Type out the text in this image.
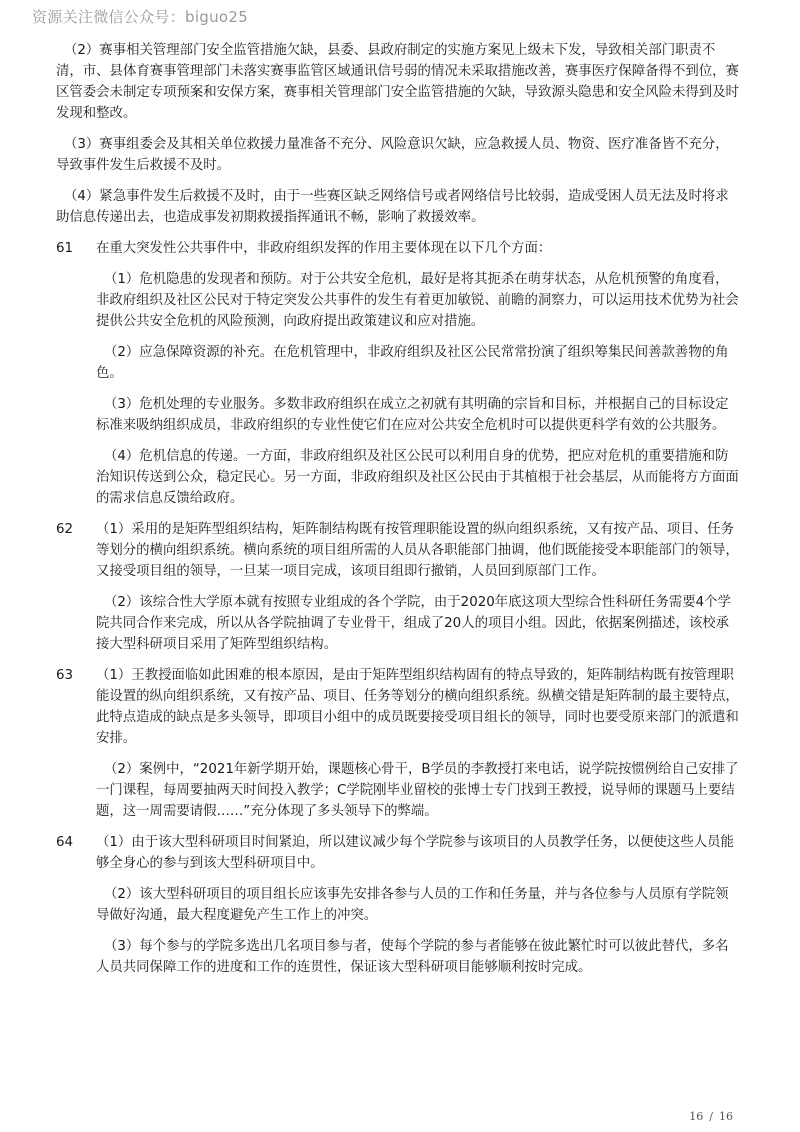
资源关注微信公众号：biguo25

（2）赛事相关管理部门安全监管措施欠缺，县委、县政府制定的实施方案见上级未下发，导致相关部门职责不清，市、县体育赛事管理部门未落实赛事监管区域通讯信号弱的情况未采取措施改善，赛事医疗保障备得不到位，赛区管委会未制定专项预案和安保方案，赛事相关管理部门安全监管措施的欠缺，导致源头隐患和安全风险未得到及时发现和整改。

（3）赛事组委会及其相关单位救援力量准备不充分、风险意识欠缺，应急救援人员、物资、医疗准备皆不充分，导致事件发生后救援不及时。

（4）紧急事件发生后救援不及时，由于一些赛区缺乏网络信号或者网络信号比较弱，造成受困人员无法及时将求助信息传递出去，也造成事发初期救援指挥通讯不畅，影响了救援效率。

61	在重大突发性公共事件中，非政府组织发挥的作用主要体现在以下几个方面：

（1）危机隐患的发现者和预防。对于公共安全危机，最好是将其扼杀在萌芽状态，从危机预警的角度看，非政府组织及社区公民对于特定突发公共事件的发生有着更加敏锐、前瞻的洞察力，可以运用技术优势为社会提供公共安全危机的风险预测，向政府提出政策建议和应对措施。

（2）应急保障资源的补充。在危机管理中，非政府组织及社区公民常常扮演了组织筹集民间善款善物的角色。

（3）危机处理的专业服务。多数非政府组织在成立之初就有其明确的宗旨和目标，并根据自己的目标设定标准来吸纳组织成员，非政府组织的专业性使它们在应对公共安全危机时可以提供更科学有效的公共服务。

（4）危机信息的传递。一方面，非政府组织及社区公民可以利用自身的优势，把应对危机的重要措施和防治知识传送到公众，稳定民心。另一方面，非政府组织及社区公民由于其植根于社会基层，从而能将方方面面的需求信息反馈给政府。

62	（1）采用的是矩阵型组织结构，矩阵制结构既有按管理职能设置的纵向组织系统，又有按产品、项目、任务等划分的横向组织系统。横向系统的项目组所需的人员从各职能部门抽调，他们既能接受本职能部门的领导，又接受项目组的领导，一旦某一项目完成，该项目组即行撤销，人员回到原部门工作。

（2）该综合性大学原本就有按照专业组成的各个学院，由于2020年底这项大型综合性科研任务需要4个学院共同合作来完成，所以从各学院抽调了专业骨干，组成了20人的项目小组。因此，依据案例描述，该校承接大型科研项目采用了矩阵型组织结构。

63	（1）王教授面临如此困难的根本原因，是由于矩阵型组织结构固有的特点导致的，矩阵制结构既有按管理职能设置的纵向组织系统，又有按产品、项目、任务等划分的横向组织系统。纵横交错是矩阵制的最主要特点，此特点造成的缺点是多头领导，即项目小组中的成员既要接受项目组长的领导，同时也要受原来部门的派遣和安排。

（2）案例中，“2021年新学期开始，课题核心骨干，B学员的李教授打来电话，说学院按惯例给自己安排了一门课程，每周要抽两天时间投入教学；C学院刚毕业留校的张博士专门找到王教授，说导师的课题马上要结题，这一周需要请假……”充分体现了多头领导下的弊端。

64	（1）由于该大型科研项目时间紧迫，所以建议减少每个学院参与该项目的人员教学任务，以便使这些人员能够全身心的参与到该大型科研项目中。

（2）该大型科研项目的项目组长应该事先安排各参与人员的工作和任务量，并与各位参与人员原有学院领导做好沟通，最大程度避免产生工作上的冲突。

（3）每个参与的学院多选出几名项目参与者，使每个学院的参与者能够在彼此繁忙时可以彼此替代，多名人员共同保障工作的进度和工作的连贯性，保证该大型科研项目能够顺利按时完成。

16 / 16
